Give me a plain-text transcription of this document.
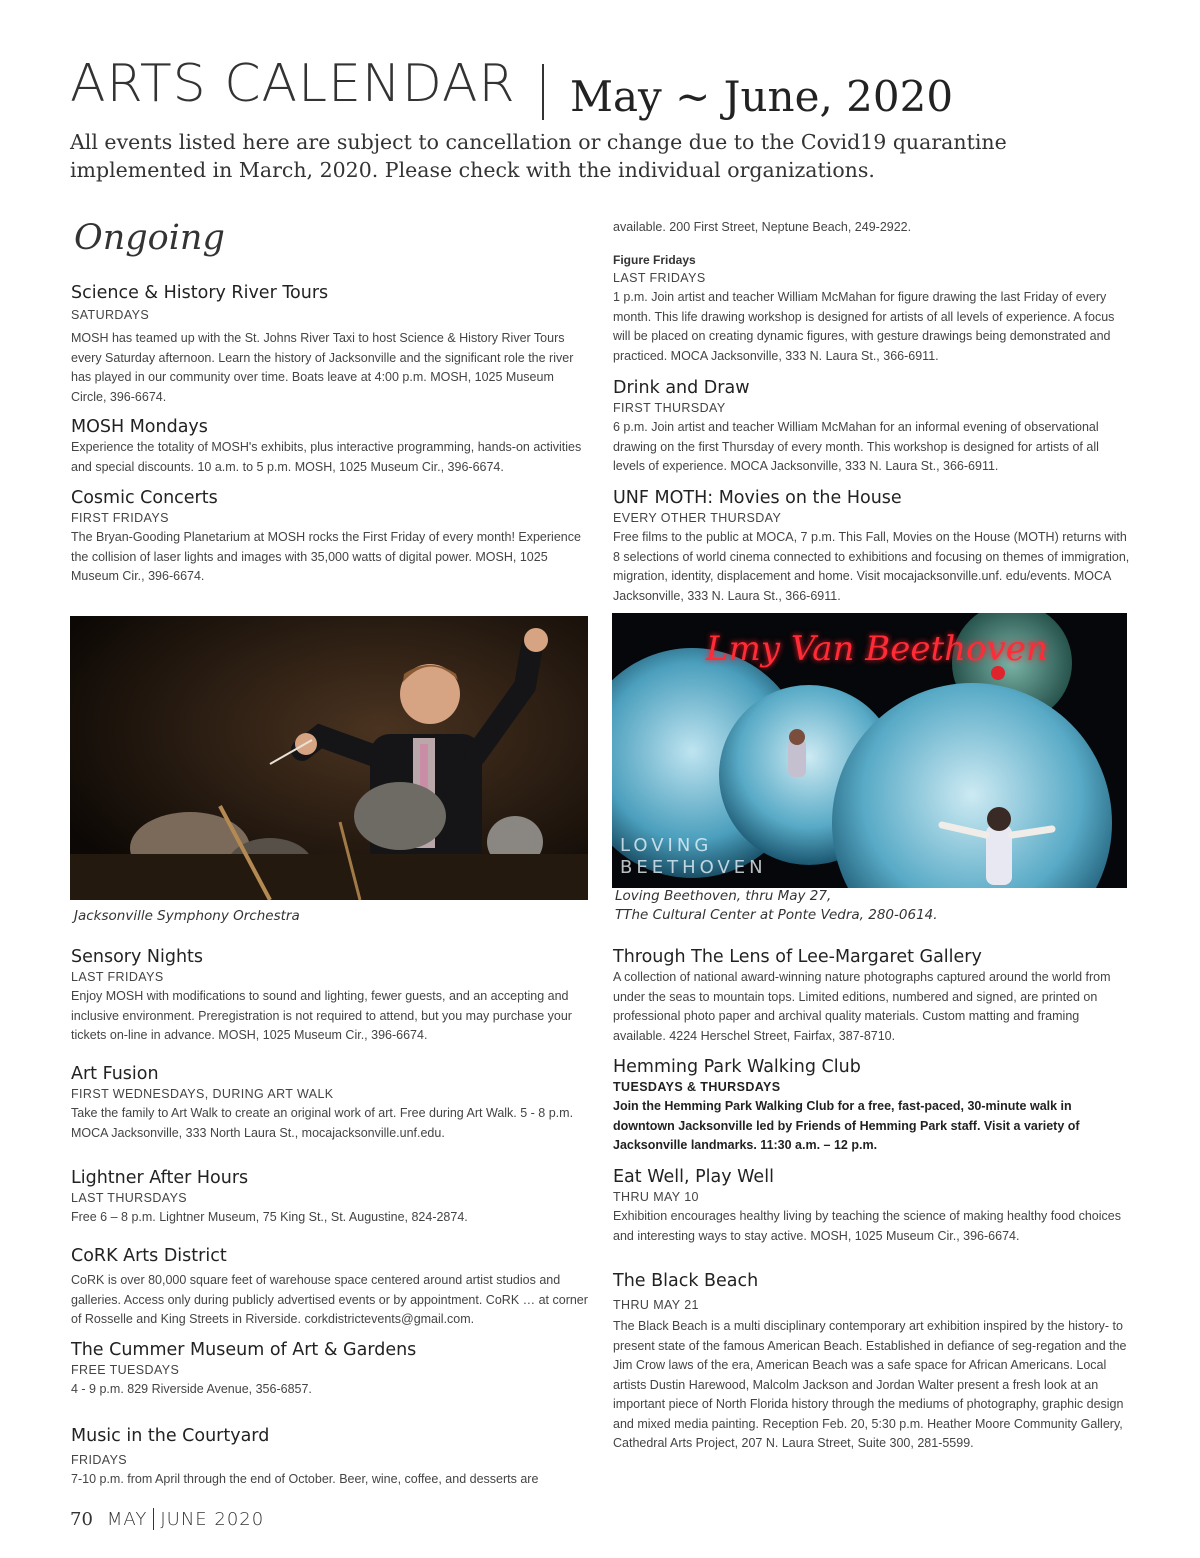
ARTS CALENDAR May ~ June, 2020
All events listed here are subject to cancellation or change due to the Covid19 quarantine implemented in March, 2020. Please check with the individual organizations.
Ongoing
Science & History River Tours
SATURDAYS

MOSH has teamed up with the St. Johns River Taxi to host Science & History River Tours every Saturday afternoon. Learn the history of Jacksonville and the significant role the river has played in our community over time. Boats leave at 4:00 p.m. MOSH, 1025 Museum Circle, 396-6674.

MOSH Mondays

Experience the totality of MOSH's exhibits, plus interactive programming, hands-on activities and special discounts. 10 a.m. to 5 p.m. MOSH, 1025 Museum Cir., 396-6674.

Cosmic Concerts
FIRST FRIDAYS

The Bryan-Gooding Planetarium at MOSH rocks the First Friday of every month! Experience the collision of laser lights and images with 35,000 watts of digital power. MOSH, 1025 Museum Cir., 396-6674.

Jacksonville Symphony Orchestra
Sensory Nights
LAST FRIDAYS

Enjoy MOSH with modifications to sound and lighting, fewer guests, and an accepting and inclusive environment. Preregistration is not required to attend, but you may purchase your tickets on-line in advance. MOSH, 1025 Museum Cir., 396-6674.

Art Fusion
FIRST WEDNESDAYS, DURING ART WALK

Take the family to Art Walk to create an original work of art. Free during Art Walk. 5 - 8 p.m. MOCA Jacksonville, 333 North Laura St., mocajacksonville.unf.edu.

Lightner After Hours
LAST THURSDAYS

Free 6 – 8 p.m. Lightner Museum, 75 King St., St. Augustine, 824-2874.

CoRK Arts District

CoRK is over 80,000 square feet of warehouse space centered around artist studios and galleries. Access only during publicly advertised events or by appointment. CoRK … at corner of Rosselle and King Streets in Riverside. corkdistrictevents@gmail.com.

The Cummer Museum of Art & Gardens
FREE TUESDAYS

4 - 9 p.m. 829 Riverside Avenue, 356-6857.

Music in the Courtyard
FRIDAYS

7-10 p.m. from April through the end of October. Beer, wine, coffee, and desserts are

available. 200 First Street, Neptune Beach, 249-2922.

Figure Fridays
LAST FRIDAYS

1 p.m. Join artist and teacher William McMahan for figure drawing the last Friday of every month. This life drawing workshop is designed for artists of all levels of experience. A focus will be placed on creating dynamic figures, with gesture drawings being demonstrated and practiced. MOCA Jacksonville, 333 N. Laura St., 366-6911.

Drink and Draw
FIRST THURSDAY

6 p.m. Join artist and teacher William McMahan for an informal evening of observational drawing on the first Thursday of every month. This workshop is designed for artists of all levels of experience. MOCA Jacksonville, 333 N. Laura St., 366-6911.

UNF MOTH: Movies on the House
EVERY OTHER THURSDAY

Free films to the public at MOCA, 7 p.m. This Fall, Movies on the House (MOTH) returns with 8 selections of world cinema connected to exhibitions and focusing on themes of immigration, migration, identity, displacement and home. Visit mocajacksonville.unf. edu/events. MOCA Jacksonville, 333 N. Laura St., 366-6911.

Lmy Van Beethoven
LOVING
BEETHOVEN
Loving Beethoven, thru May 27,
TThe Cultural Center at Ponte Vedra, 280-0614.
Through The Lens of Lee-Margaret Gallery

A collection of national award-winning nature photographs captured around the world from under the seas to mountain tops. Limited editions, numbered and signed, are printed on professional photo paper and archival quality materials. Custom matting and framing available. 4224 Herschel Street, Fairfax, 387-8710.

Hemming Park Walking Club
TUESDAYS & THURSDAYS

Join the Hemming Park Walking Club for a free, fast-paced, 30-minute walk in downtown Jacksonville led by Friends of Hemming Park staff. Visit a variety of Jacksonville landmarks. 11:30 a.m. – 12 p.m.

Eat Well, Play Well
THRU MAY 10

Exhibition encourages healthy living by teaching the science of making healthy food choices and interesting ways to stay active. MOSH, 1025 Museum Cir., 396-6674.

The Black Beach
THRU MAY 21

The Black Beach is a multi disciplinary contemporary art exhibition inspired by the history- to present state of the famous American Beach. Established in defiance of seg-regation and the Jim Crow laws of the era, American Beach was a safe space for African Americans. Local artists Dustin Harewood, Malcolm Jackson and Jordan Walter present a fresh look at an important piece of North Florida history through the mediums of photography, graphic design and mixed media painting. Reception Feb. 20, 5:30 p.m. Heather Moore Community Gallery, Cathedral Arts Project, 207 N. Laura Street, Suite 300, 281-5599.

70 MAY JUNE 2020
